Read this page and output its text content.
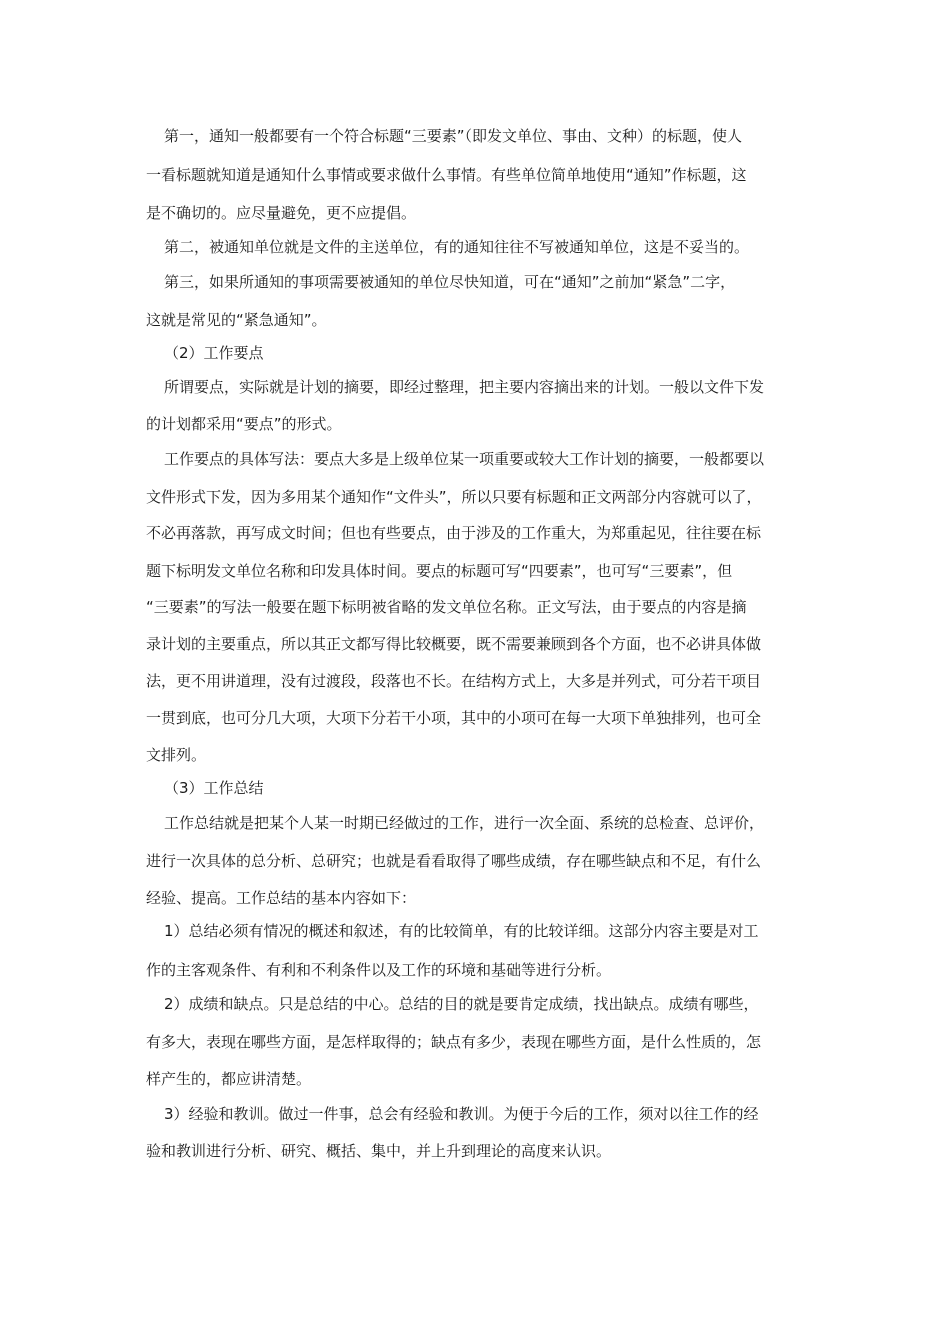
第一，通知一般都要有一个符合标题“三要素”（即发文单位、事由、文种）的标题，使人
一看标题就知道是通知什么事情或要求做什么事情。有些单位简单地使用“通知”作标题，这
是不确切的。应尽量避免，更不应提倡。
第二，被通知单位就是文件的主送单位，有的通知往往不写被通知单位，这是不妥当的。
第三，如果所通知的事项需要被通知的单位尽快知道，可在“通知”之前加“紧急”二字，
这就是常见的“紧急通知”。
（2）工作要点
所谓要点，实际就是计划的摘要，即经过整理，把主要内容摘出来的计划。一般以文件下发
的计划都采用“要点”的形式。
工作要点的具体写法：要点大多是上级单位某一项重要或较大工作计划的摘要，一般都要以
文件形式下发，因为多用某个通知作“文件头”，所以只要有标题和正文两部分内容就可以了，
不必再落款，再写成文时间；但也有些要点，由于涉及的工作重大，为郑重起见，往往要在标
题下标明发文单位名称和印发具体时间。要点的标题可写“四要素”，也可写“三要素”，但
“三要素”的写法一般要在题下标明被省略的发文单位名称。正文写法，由于要点的内容是摘
录计划的主要重点，所以其正文都写得比较概要，既不需要兼顾到各个方面，也不必讲具体做
法，更不用讲道理，没有过渡段，段落也不长。在结构方式上，大多是并列式，可分若干项目
一贯到底，也可分几大项，大项下分若干小项，其中的小项可在每一大项下单独排列，也可全
文排列。
（3）工作总结
工作总结就是把某个人某一时期已经做过的工作，进行一次全面、系统的总检查、总评价，
进行一次具体的总分析、总研究；也就是看看取得了哪些成绩，存在哪些缺点和不足，有什么
经验、提高。工作总结的基本内容如下：
1）总结必须有情况的概述和叙述，有的比较简单，有的比较详细。这部分内容主要是对工
作的主客观条件、有利和不利条件以及工作的环境和基础等进行分析。
2）成绩和缺点。只是总结的中心。总结的目的就是要肯定成绩，找出缺点。成绩有哪些，
有多大，表现在哪些方面，是怎样取得的；缺点有多少，表现在哪些方面，是什么性质的，怎
样产生的，都应讲清楚。
3）经验和教训。做过一件事，总会有经验和教训。为便于今后的工作，须对以往工作的经
验和教训进行分析、研究、概括、集中，并上升到理论的高度来认识。
